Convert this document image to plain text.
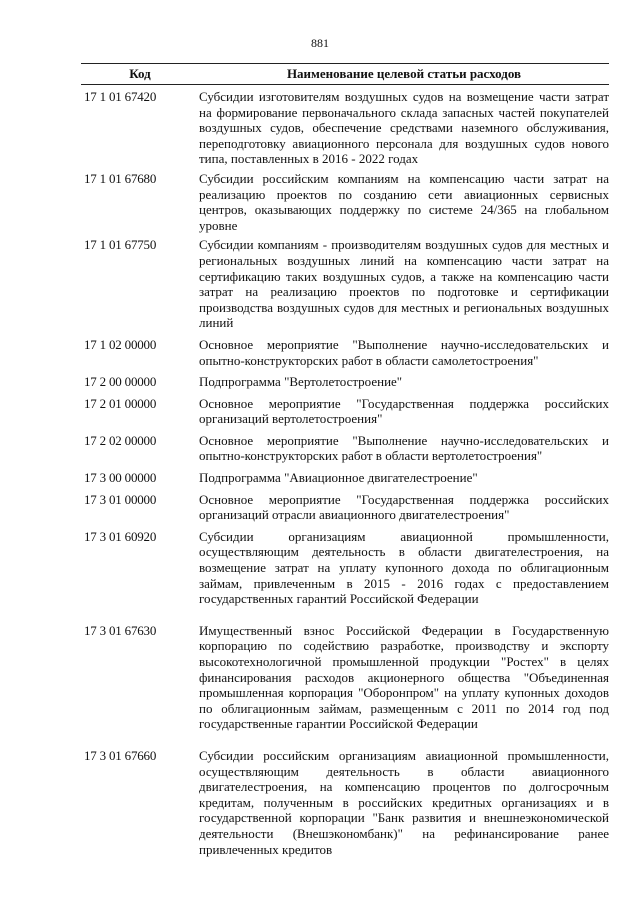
881
Код	Наименование целевой статьи расходов
17 1 01 67420	Субсидии изготовителям воздушных судов на возмещение части затрат на формирование первоначального склада запасных частей покупателей воздушных судов, обеспечение средствами наземного обслуживания, переподготовку авиационного персонала для воздушных судов нового типа, поставленных в 2016 - 2022 годах
17 1 01 67680	Субсидии российским компаниям на компенсацию части затрат на реализацию проектов по созданию сети авиационных сервисных центров, оказывающих поддержку по системе 24/365 на глобальном уровне
17 1 01 67750	Субсидии компаниям - производителям воздушных судов для местных и региональных воздушных линий на компенсацию части затрат на сертификацию таких воздушных судов, а также на компенсацию части затрат на реализацию проектов по подготовке и сертификации производства воздушных судов для местных и региональных воздушных линий
17 1 02 00000	Основное мероприятие "Выполнение научно-исследовательских и опытно-конструкторских работ в области самолетостроения"
17 2 00 00000	Подпрограмма "Вертолетостроение"
17 2 01 00000	Основное мероприятие "Государственная поддержка российских организаций вертолетостроения"
17 2 02 00000	Основное мероприятие "Выполнение научно-исследовательских и опытно-конструкторских работ в области вертолетостроения"
17 3 00 00000	Подпрограмма "Авиационное двигателестроение"
17 3 01 00000	Основное мероприятие "Государственная поддержка российских организаций отрасли авиационного двигателестроения"
17 3 01 60920	Субсидии организациям авиационной промышленности, осуществляющим деятельность в области двигателестроения, на возмещение затрат на уплату купонного дохода по облигационным займам, привлеченным в 2015 - 2016 годах с предоставлением государственных гарантий Российской Федерации
17 3 01 67630	Имущественный взнос Российской Федерации в Государственную корпорацию по содействию разработке, производству и экспорту высокотехнологичной промышленной продукции "Ростех" в целях финансирования расходов акционерного общества "Объединенная промышленная корпорация "Оборонпром" на уплату купонных доходов по облигационным займам, размещенным с 2011 по 2014 год под государственные гарантии Российской Федерации
17 3 01 67660	Субсидии российским организациям авиационной промышленности, осуществляющим деятельность в области авиационного двигателестроения, на компенсацию процентов по долгосрочным кредитам, полученным в российских кредитных организациях и в государственной корпорации "Банк развития и внешнеэкономической деятельности (Внешэкономбанк)" на рефинансирование ранее привлеченных кредитов
